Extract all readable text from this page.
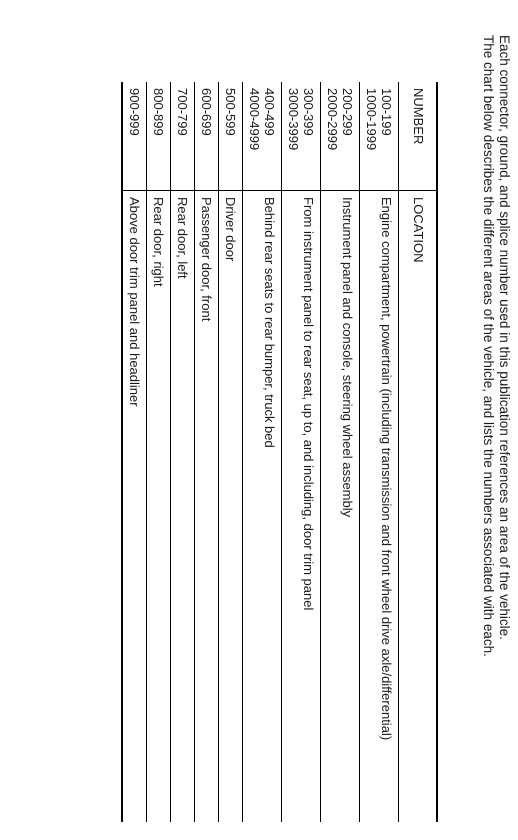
Each connector, ground, and splice number used in this publication references an area of the vehicle.
The chart below describes the different areas of the vehicle, and lists the numbers associated with each.
NUMBER	LOCATION

100-199
1000-1999	Engine compartment, powertrain (including transmission and front wheel drive axle/differential)

200-299
2000-2999	Instrument panel and console, steering wheel assembly

300-399
3000-3999	From instrument panel to rear seat, up to, and including, door trim panel

400-499
4000-4999	Behind rear seats to rear bumper, truck bed

500-599	Driver door

600-699	Passenger door, front

700-799	Rear door, left

800-899	Rear door, right

900-999	Above door trim panel and headliner
